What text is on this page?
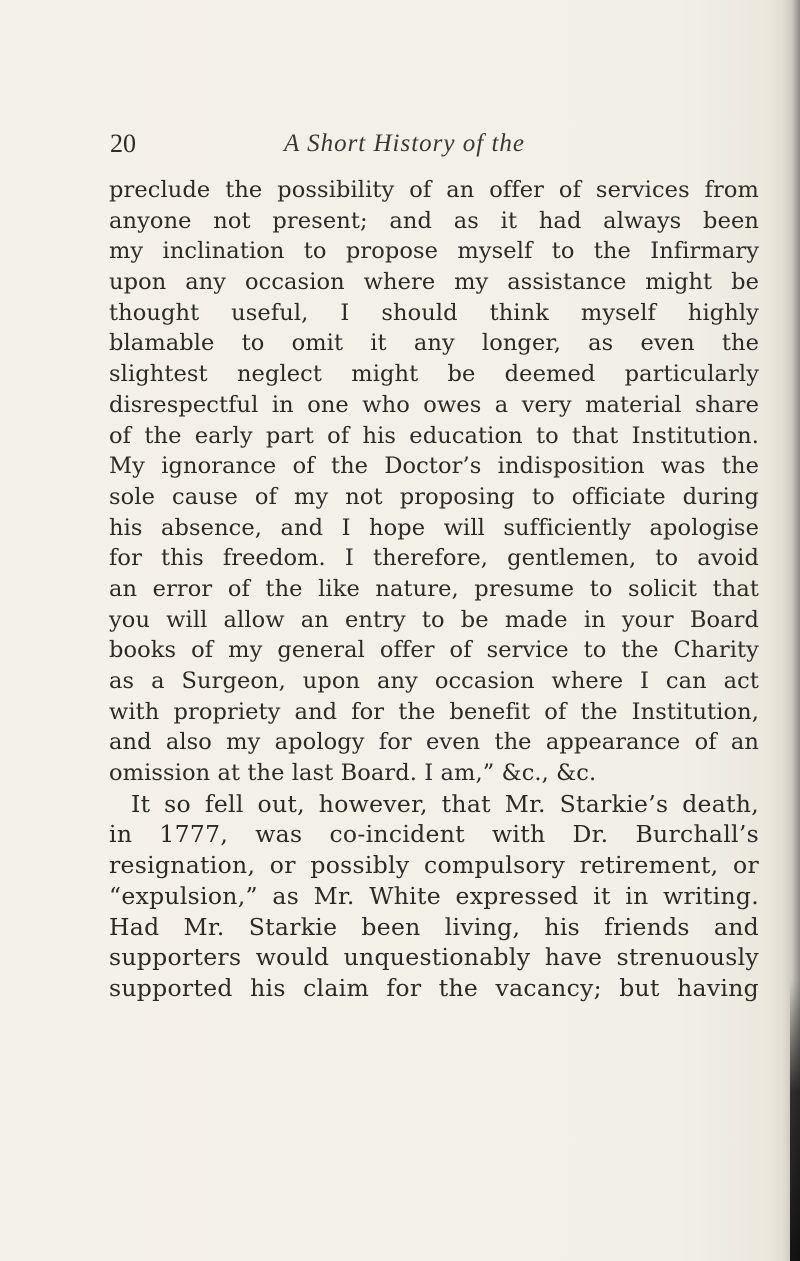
20	A Short History of the
preclude the possibility of an offer of services from
anyone not present; and as it had always been
my inclination to propose myself to the Infirmary
upon any occasion where my assistance might be
thought useful, I should think myself highly
blamable to omit it any longer, as even the
slightest neglect might be deemed particularly
disrespectful in one who owes a very material share
of the early part of his education to that Institution.
My ignorance of the Doctor’s indisposition was the
sole cause of my not proposing to officiate during
his absence, and I hope will sufficiently apologise
for this freedom. I therefore, gentlemen, to avoid
an error of the like nature, presume to solicit that
you will allow an entry to be made in your Board
books of my general offer of service to the Charity
as a Surgeon, upon any occasion where I can act
with propriety and for the benefit of the Institution,
and also my apology for even the appearance of an
omission at the last Board. I am,” &c., &c.
It so fell out, however, that Mr. Starkie’s death,
in 1777, was co-incident with Dr. Burchall’s
resignation, or possibly compulsory retirement, or
“expulsion,” as Mr. White expressed it in writing.
Had Mr. Starkie been living, his friends and
supporters would unquestionably have strenuously
supported his claim for the vacancy; but having
